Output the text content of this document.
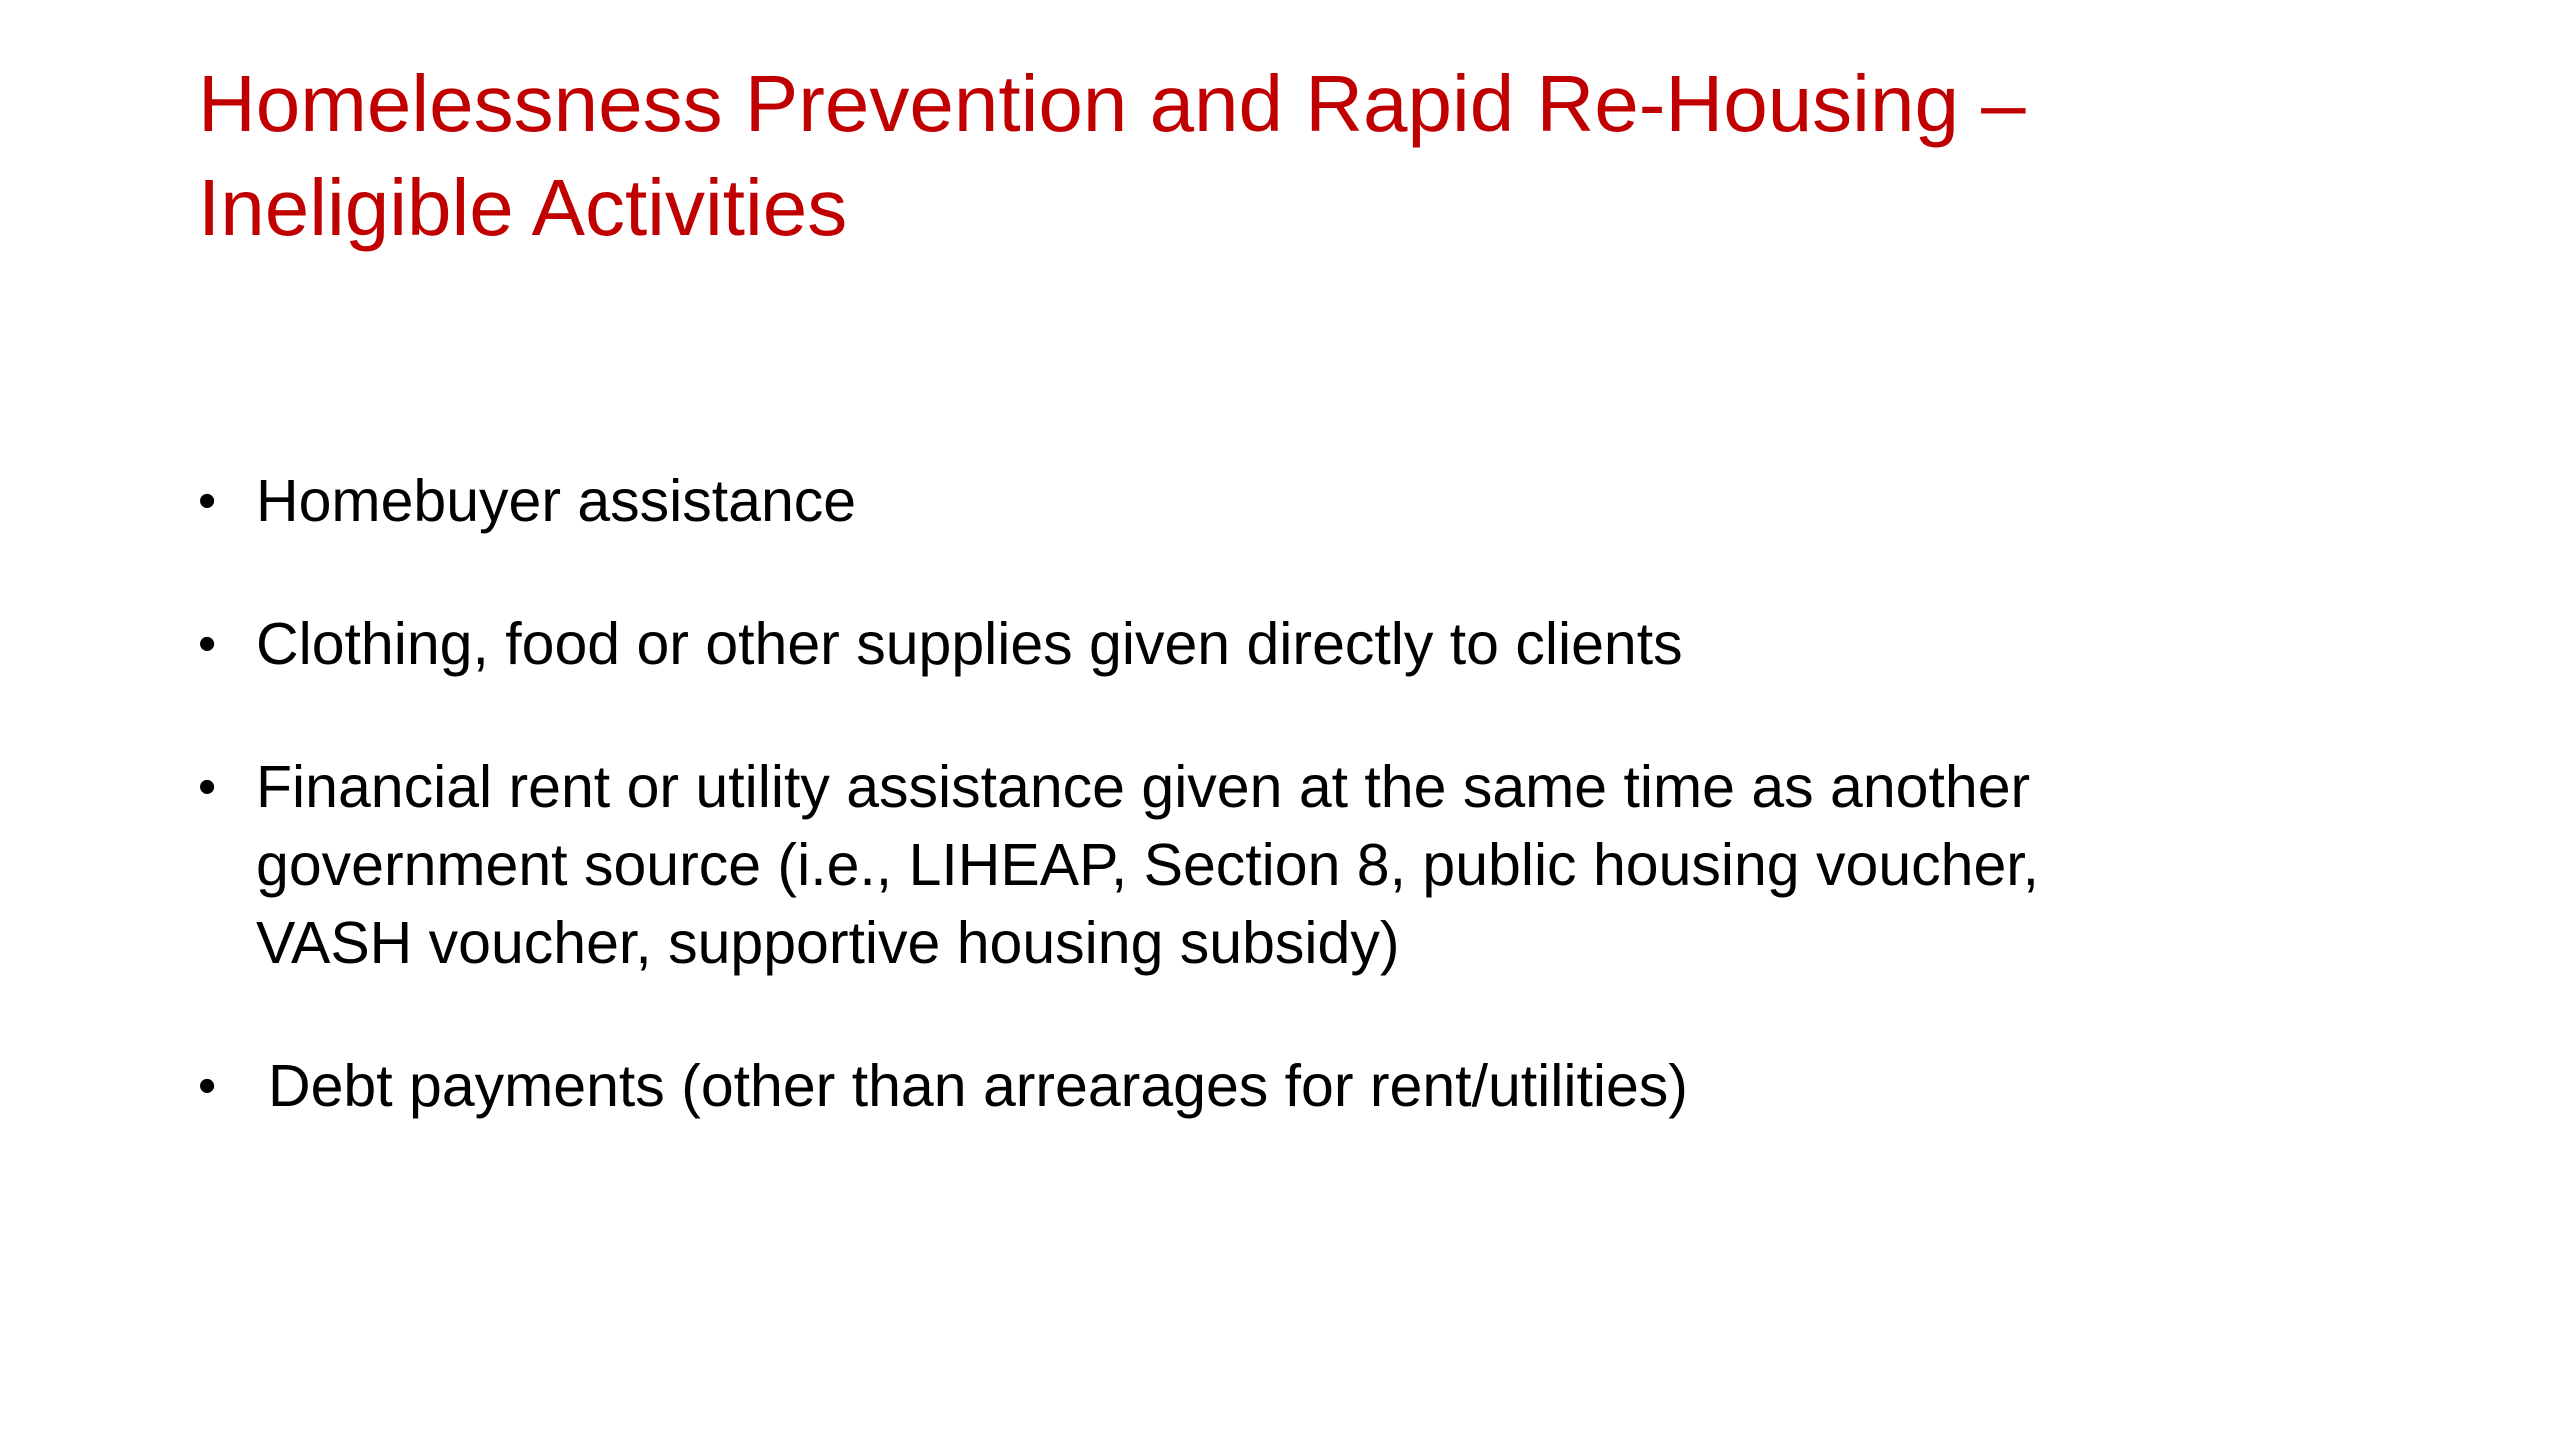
Homelessness Prevention and Rapid Re-Housing –
Ineligible Activities
• Homebuyer assistance
• Clothing, food or other supplies given directly to clients
• Financial rent or utility assistance given at the same time as another
government source (i.e., LIHEAP, Section 8, public housing voucher,
VASH voucher, supportive housing subsidy)
• Debt payments (other than arrearages for rent/utilities)
